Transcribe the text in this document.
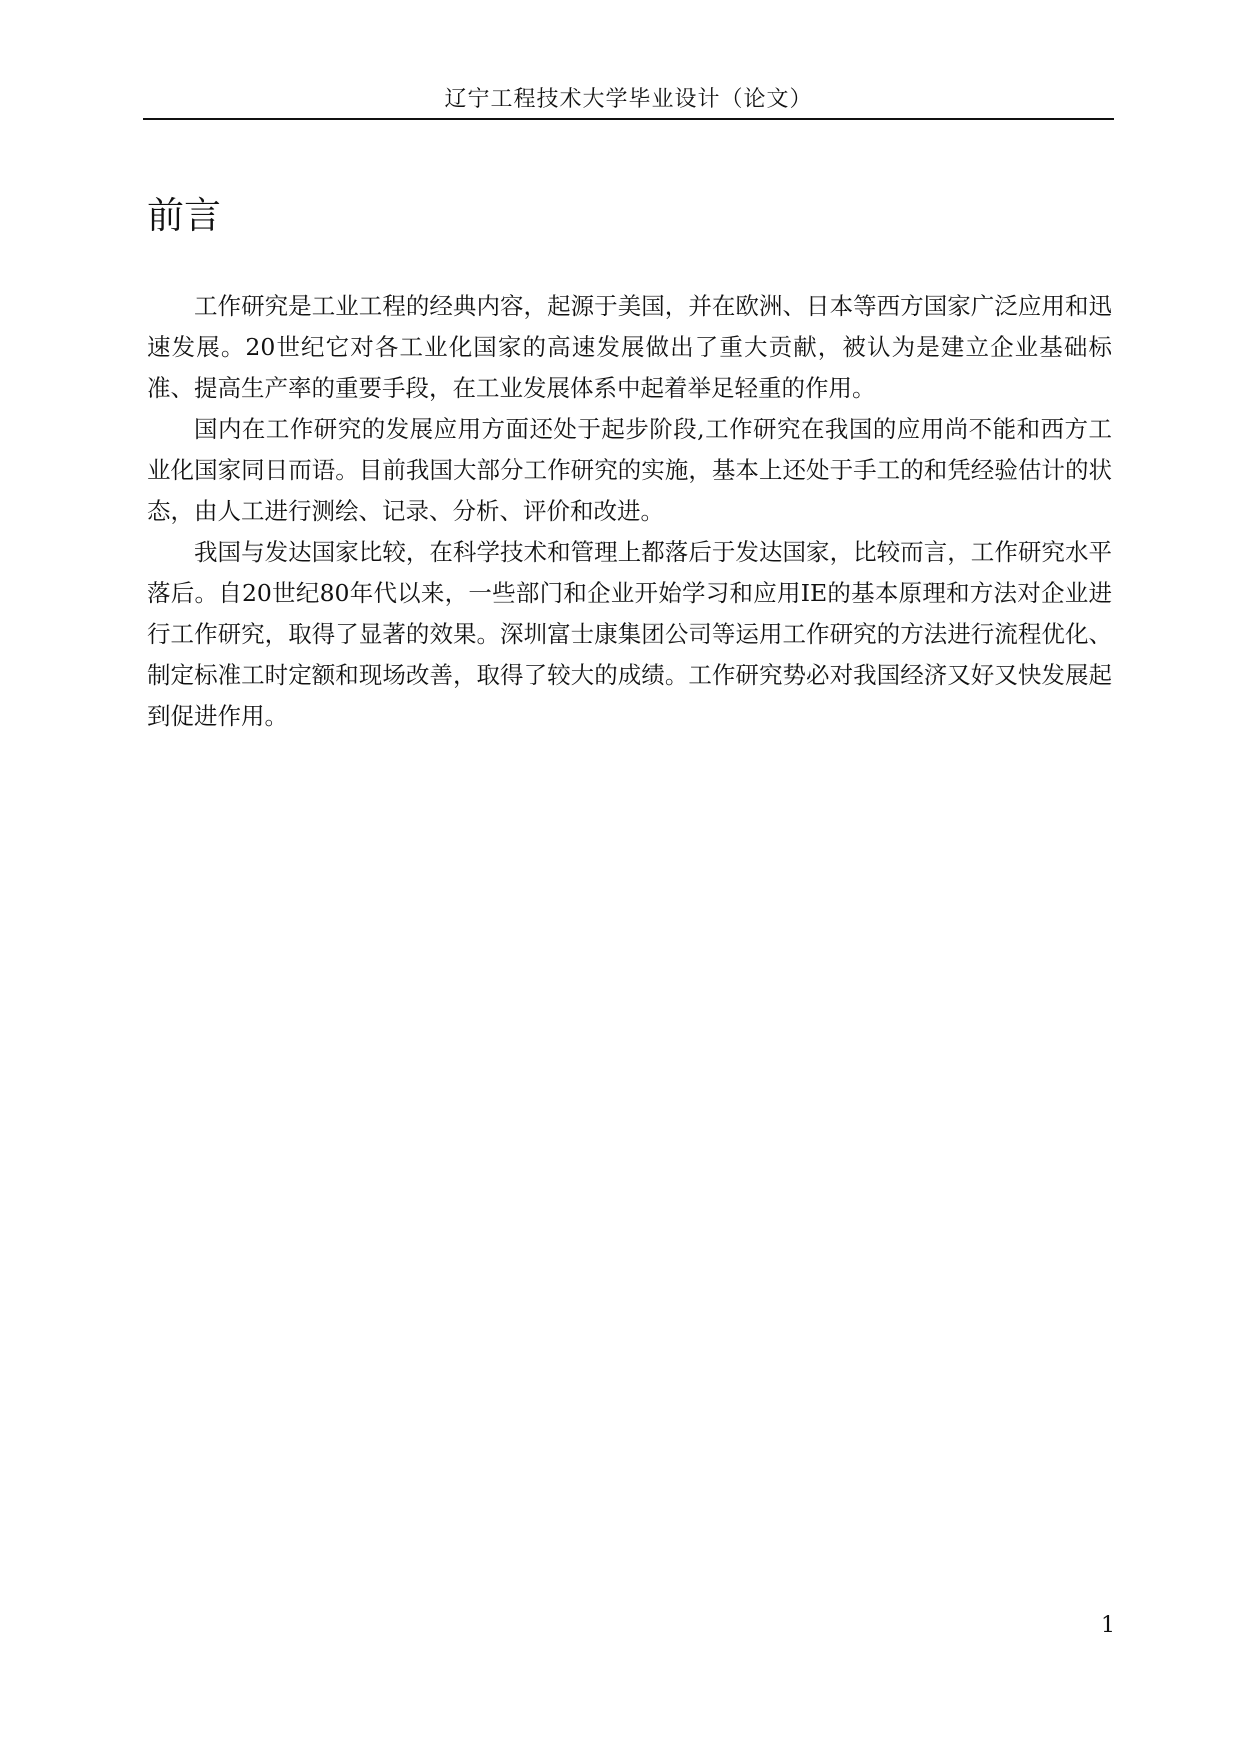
辽宁工程技术大学毕业设计（论文）
前言

工作研究是工业工程的经典内容，起源于美国，并在欧洲、日本等西方国家广泛应用和迅速发展。20世纪它对各工业化国家的高速发展做出了重大贡献，被认为是建立企业基础标准、提高生产率的重要手段，在工业发展体系中起着举足轻重的作用。

国内在工作研究的发展应用方面还处于起步阶段,工作研究在我国的应用尚不能和西方工业化国家同日而语。目前我国大部分工作研究的实施，基本上还处于手工的和凭经验估计的状态，由人工进行测绘、记录、分析、评价和改进。

我国与发达国家比较，在科学技术和管理上都落后于发达国家，比较而言，工作研究水平落后。自20世纪80年代以来，一些部门和企业开始学习和应用IE的基本原理和方法对企业进行工作研究，取得了显著的效果。深圳富士康集团公司等运用工作研究的方法进行流程优化、制定标准工时定额和现场改善，取得了较大的成绩。工作研究势必对我国经济又好又快发展起到促进作用。

1
